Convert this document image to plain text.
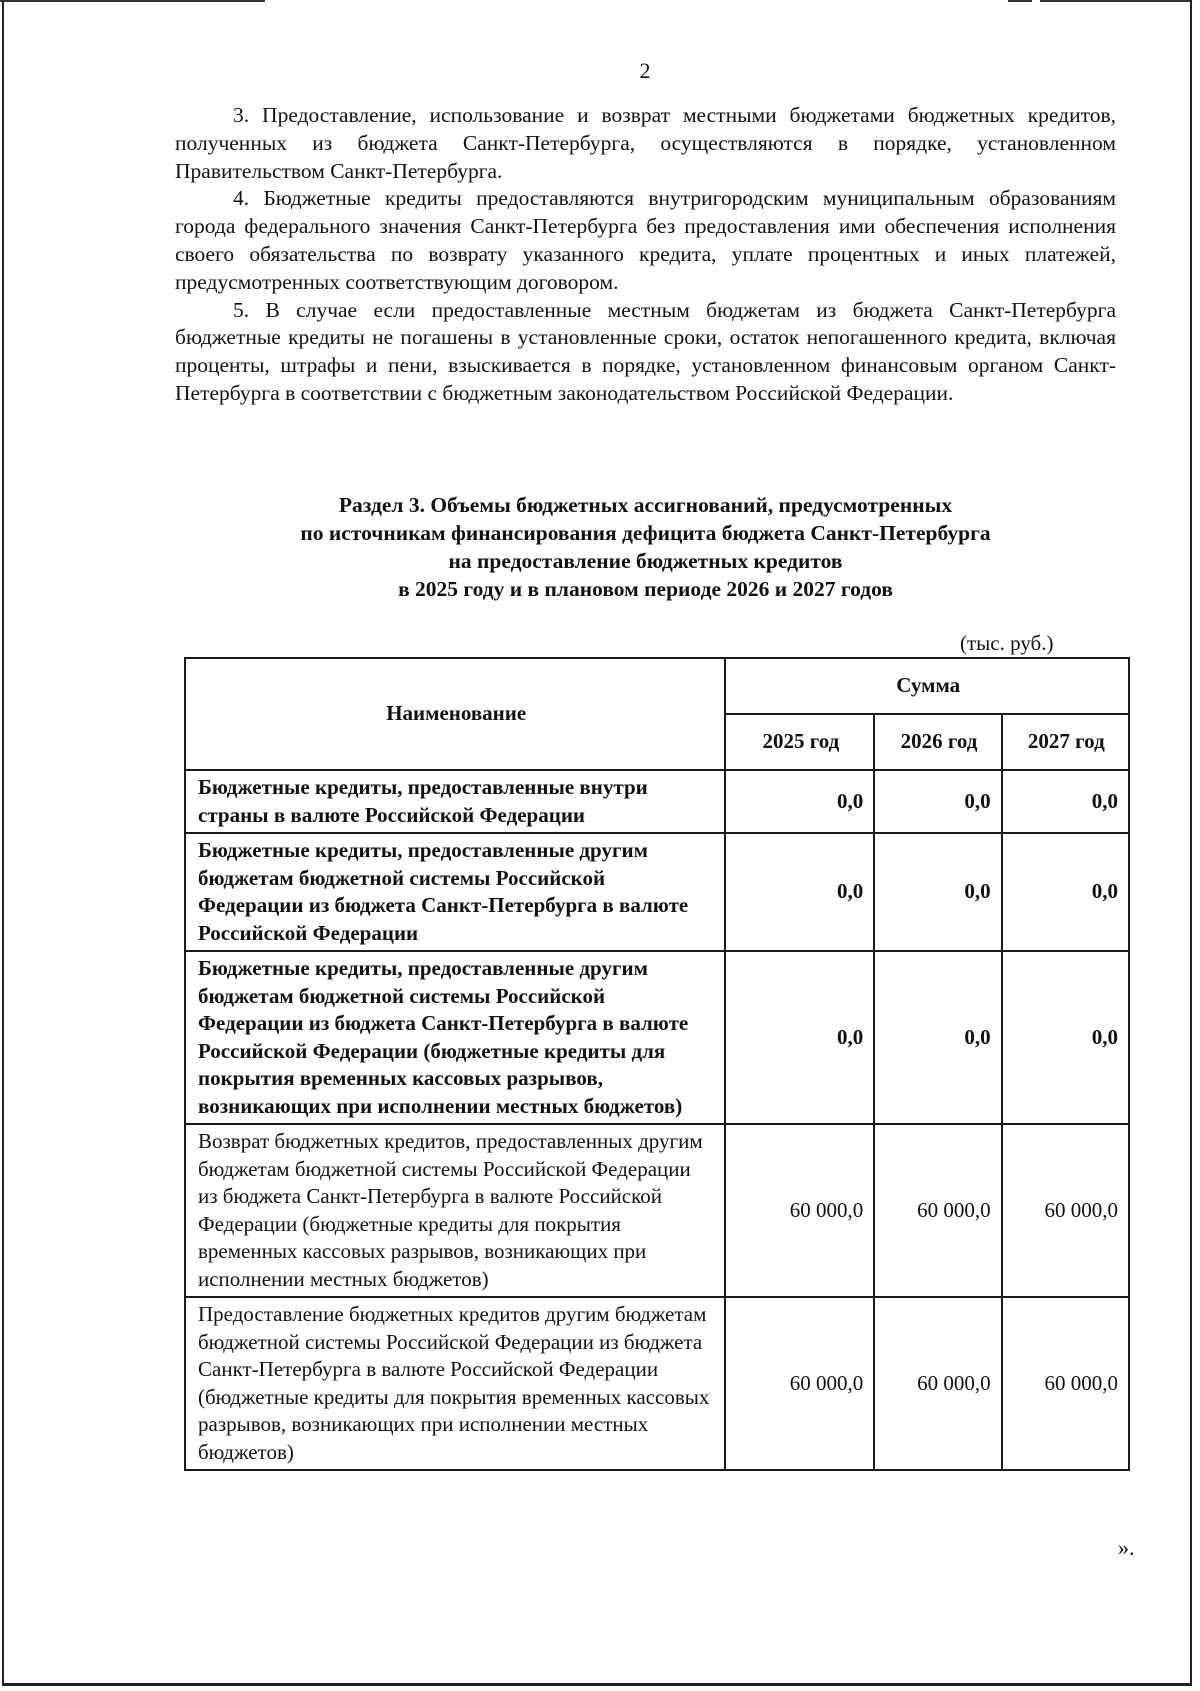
2

3. Предоставление, использование и возврат местными бюджетами бюджетных кредитов, полученных из бюджета Санкт-Петербурга, осуществляются в порядке, установленном Правительством Санкт-Петербурга.

4. Бюджетные кредиты предоставляются внутригородским муниципальным образованиям города федерального значения Санкт-Петербурга без предоставления ими обеспечения исполнения своего обязательства по возврату указанного кредита, уплате процентных и иных платежей, предусмотренных соответствующим договором.

5. В случае если предоставленные местным бюджетам из бюджета Санкт-Петербурга бюджетные кредиты не погашены в установленные сроки, остаток непогашенного кредита, включая проценты, штрафы и пени, взыскивается в порядке, установленном финансовым органом Санкт-Петербурга в соответствии с бюджетным законодательством Российской Федерации.

Раздел 3. Объемы бюджетных ассигнований, предусмотренных
по источникам финансирования дефицита бюджета Санкт-Петербурга
на предоставление бюджетных кредитов
в 2025 году и в плановом периоде 2026 и 2027 годов
(тыс. руб.)
Наименование	Сумма		
	2025 год	2026 год	2027 год
Бюджетные кредиты, предоставленные внутри страны в валюте Российской Федерации	0,0	0,0	0,0
Бюджетные кредиты, предоставленные другим бюджетам бюджетной системы Российской Федерации из бюджета Санкт-Петербурга в валюте Российской Федерации	0,0	0,0	0,0
Бюджетные кредиты, предоставленные другим бюджетам бюджетной системы Российской Федерации из бюджета Санкт-Петербурга в валюте Российской Федерации (бюджетные кредиты для покрытия временных кассовых разрывов, возникающих при исполнении местных бюджетов)	0,0	0,0	0,0
Возврат бюджетных кредитов, предоставленных другим бюджетам бюджетной системы Российской Федерации из бюджета Санкт-Петербурга в валюте Российской Федерации (бюджетные кредиты для покрытия временных кассовых разрывов, возникающих при исполнении местных бюджетов)	60 000,0	60 000,0	60 000,0
Предоставление бюджетных кредитов другим бюджетам бюджетной системы Российской Федерации из бюджета Санкт-Петербурга в валюте Российской Федерации (бюджетные кредиты для покрытия временных кассовых разрывов, возникающих при исполнении местных бюджетов)	60 000,0	60 000,0	60 000,0
».
